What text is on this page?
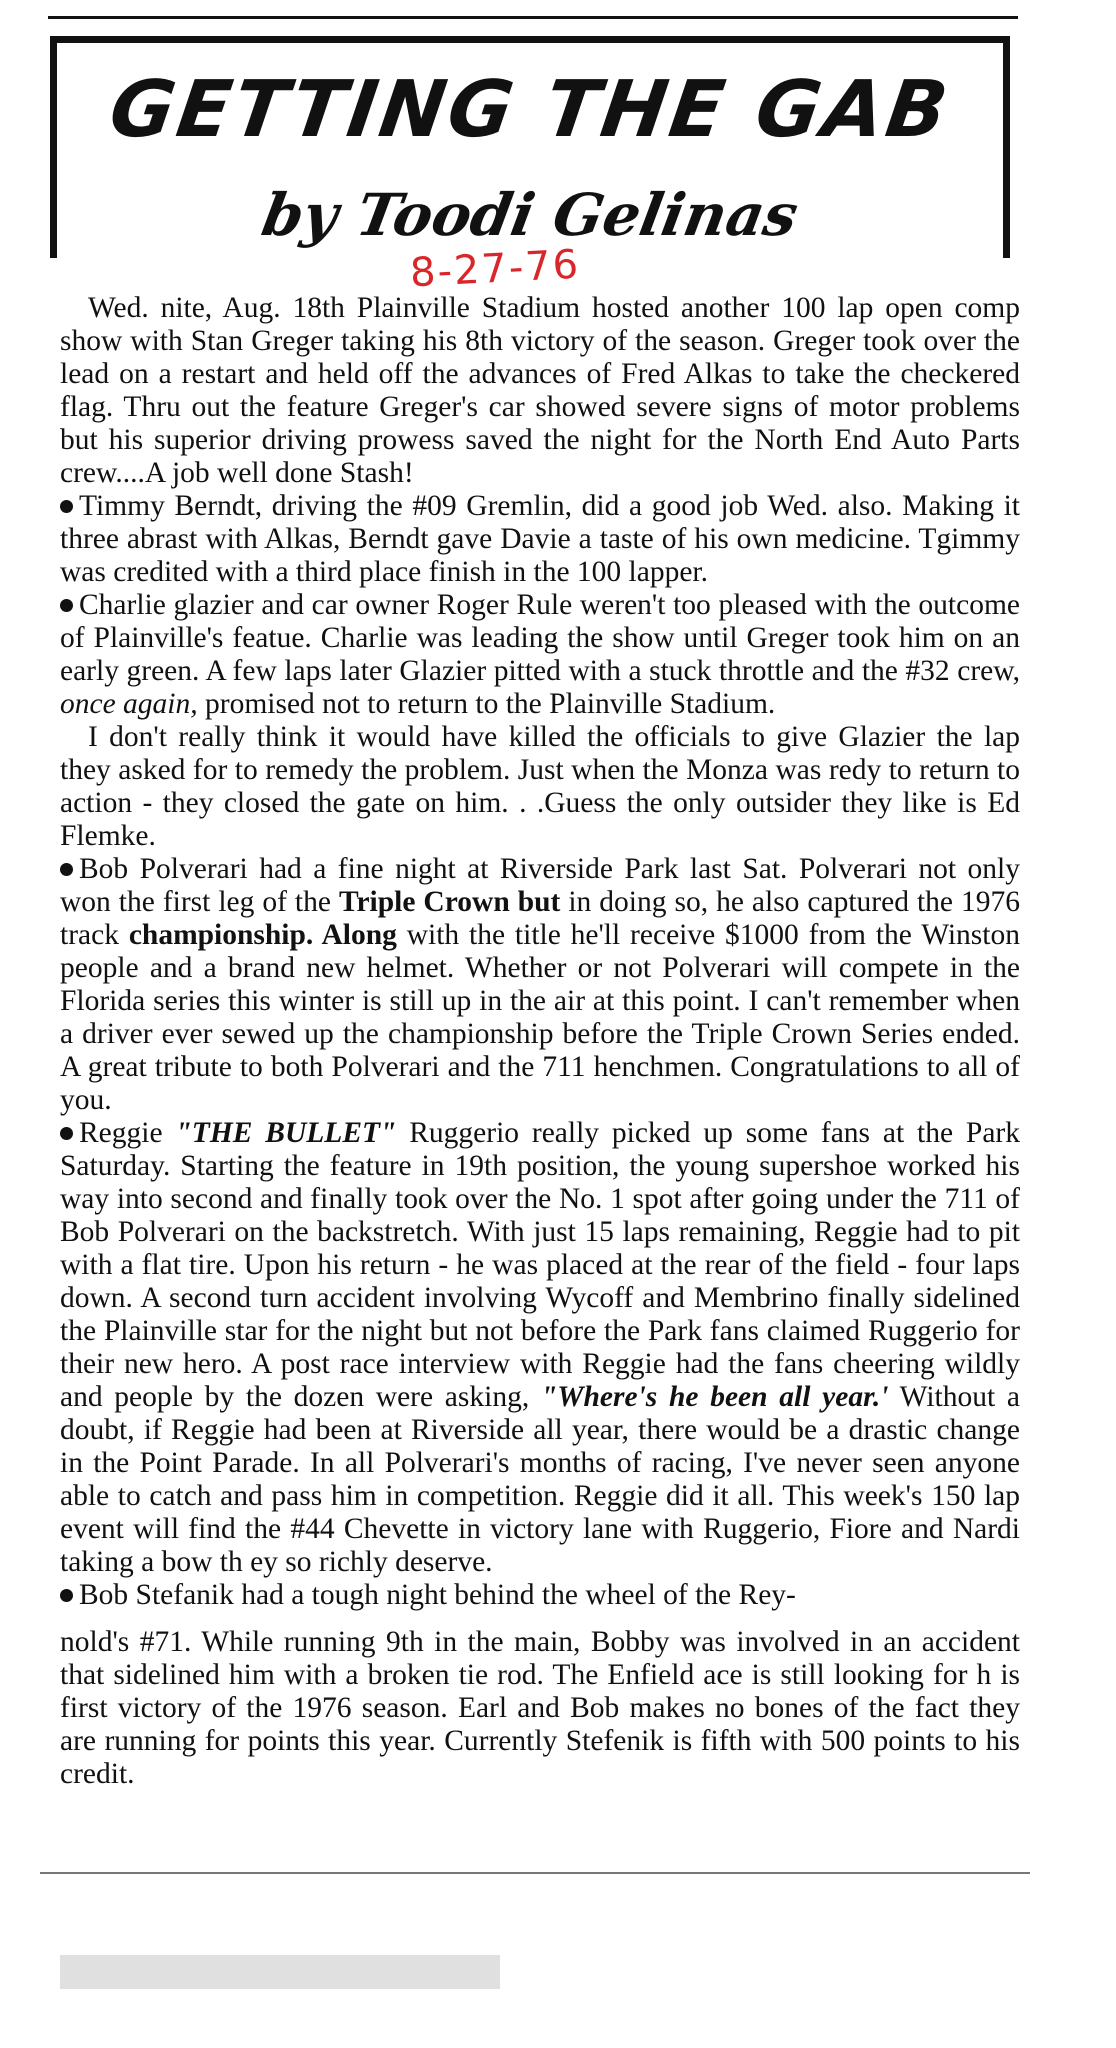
GETTING THE GAB
by Toodi Gelinas
8-27-76

Wed. nite, Aug. 18th Plainville Stadium hosted another 100 lap open comp show with Stan Greger taking his 8th victory of the season. Greger took over the lead on a restart and held off the advances of Fred Alkas to take the checkered flag. Thru out the feature Greger's car showed severe signs of motor problems but his superior driving prowess saved the night for the North End Auto Parts crew....A job well done Stash!

Timmy Berndt, driving the #09 Gremlin, did a good job Wed. also. Making it three abrast with Alkas, Berndt gave Davie a taste of his own medicine. Tgimmy was credited with a third place finish in the 100 lapper.

Charlie glazier and car owner Roger Rule weren't too pleased with the outcome of Plainville's featue. Charlie was leading the show until Greger took him on an early green. A few laps later Glazier pitted with a stuck throttle and the #32 crew, once again, promised not to return to the Plainville Stadium.

I don't really think it would have killed the officials to give Glazier the lap they asked for to remedy the problem. Just when the Monza was redy to return to action - they closed the gate on him. . .Guess the only outsider they like is Ed Flemke.

Bob Polverari had a fine night at Riverside Park last Sat. Polverari not only won the first leg of the Triple Crown but in doing so, he also captured the 1976 track championship. Along with the title he'll receive $1000 from the Winston people and a brand new helmet. Whether or not Polverari will compete in the Florida series this winter is still up in the air at this point. I can't remember when a driver ever sewed up the championship before the Triple Crown Series ended. A great tribute to both Polverari and the 711 henchmen. Congratulations to all of you.

Reggie "THE BULLET" Ruggerio really picked up some fans at the Park Saturday. Starting the feature in 19th position, the young supershoe worked his way into second and finally took over the No. 1 spot after going under the 711 of Bob Polverari on the backstretch. With just 15 laps remaining, Reggie had to pit with a flat tire. Upon his return - he was placed at the rear of the field - four laps down. A second turn accident involving Wycoff and Membrino finally sidelined the Plainville star for the night but not before the Park fans claimed Ruggerio for their new hero. A post race interview with Reggie had the fans cheering wildly and people by the dozen were asking, "Where's he been all year.' Without a doubt, if Reggie had been at Riverside all year, there would be a drastic change in the Point Parade. In all Polverari's months of racing, I've never seen anyone able to catch and pass him in competition. Reggie did it all. This week's 150 lap event will find the #44 Chevette in victory lane with Ruggerio, Fiore and Nardi taking a bow th ey so richly deserve.

Bob Stefanik had a tough night behind the wheel of the Rey-

nold's #71. While running 9th in the main, Bobby was involved in an accident that sidelined him with a broken tie rod. The Enfield ace is still looking for h is first victory of the 1976 season. Earl and Bob makes no bones of the fact they are running for points this year. Currently Stefenik is fifth with 500 points to his credit.
